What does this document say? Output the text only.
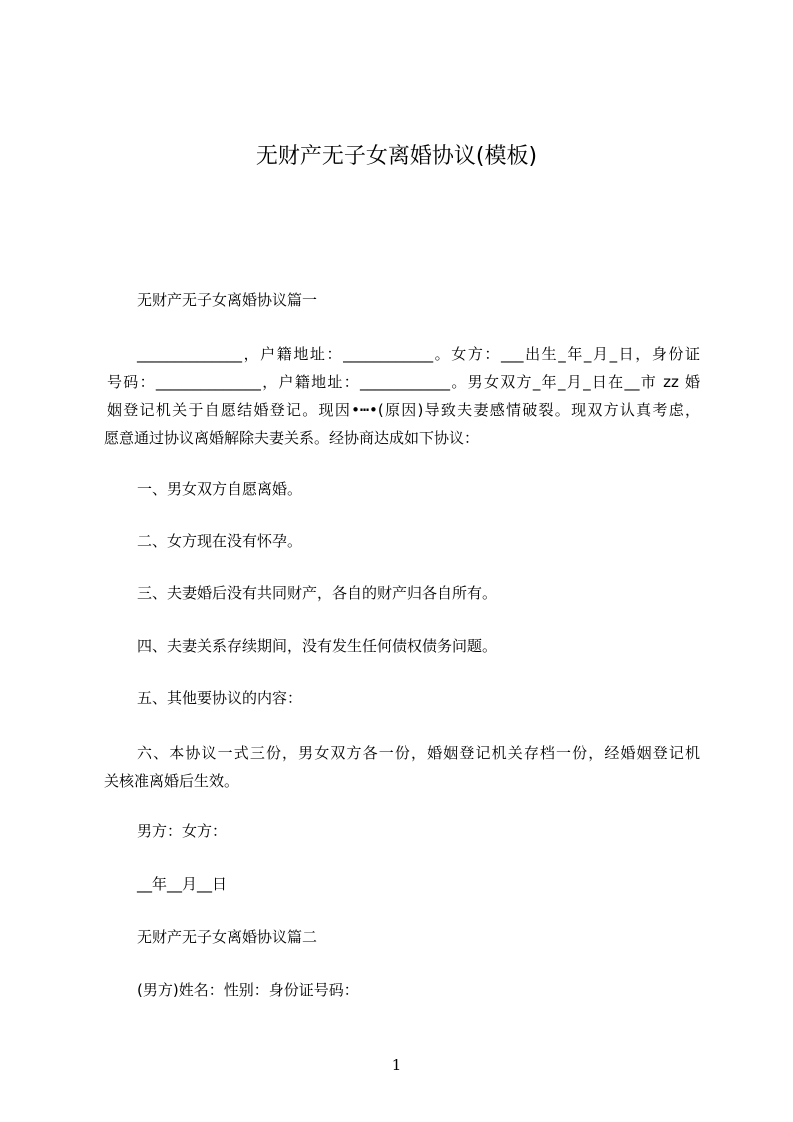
无财产无子女离婚协议(模板)
无财产无子女离婚协议篇一
______________，户籍地址：____________。女方：___出生_年_月_日，身份证
号码：______________，户籍地址：____________。男女双方_年_月_日在__市 zz 婚
姻登记机关于自愿结婚登记。现因•┅•(原因)导致夫妻感情破裂。现双方认真考虑，
愿意通过协议离婚解除夫妻关系。经协商达成如下协议：
一、男女双方自愿离婚。
二、女方现在没有怀孕。
三、夫妻婚后没有共同财产，各自的财产归各自所有。
四、夫妻关系存续期间，没有发生任何债权债务问题。
五、其他要协议的内容：
六、本协议一式三份，男女双方各一份，婚姻登记机关存档一份，经婚姻登记机
关核准离婚后生效。
男方：女方：
__年__月__日
无财产无子女离婚协议篇二
(男方)姓名：性别：身份证号码：
1
